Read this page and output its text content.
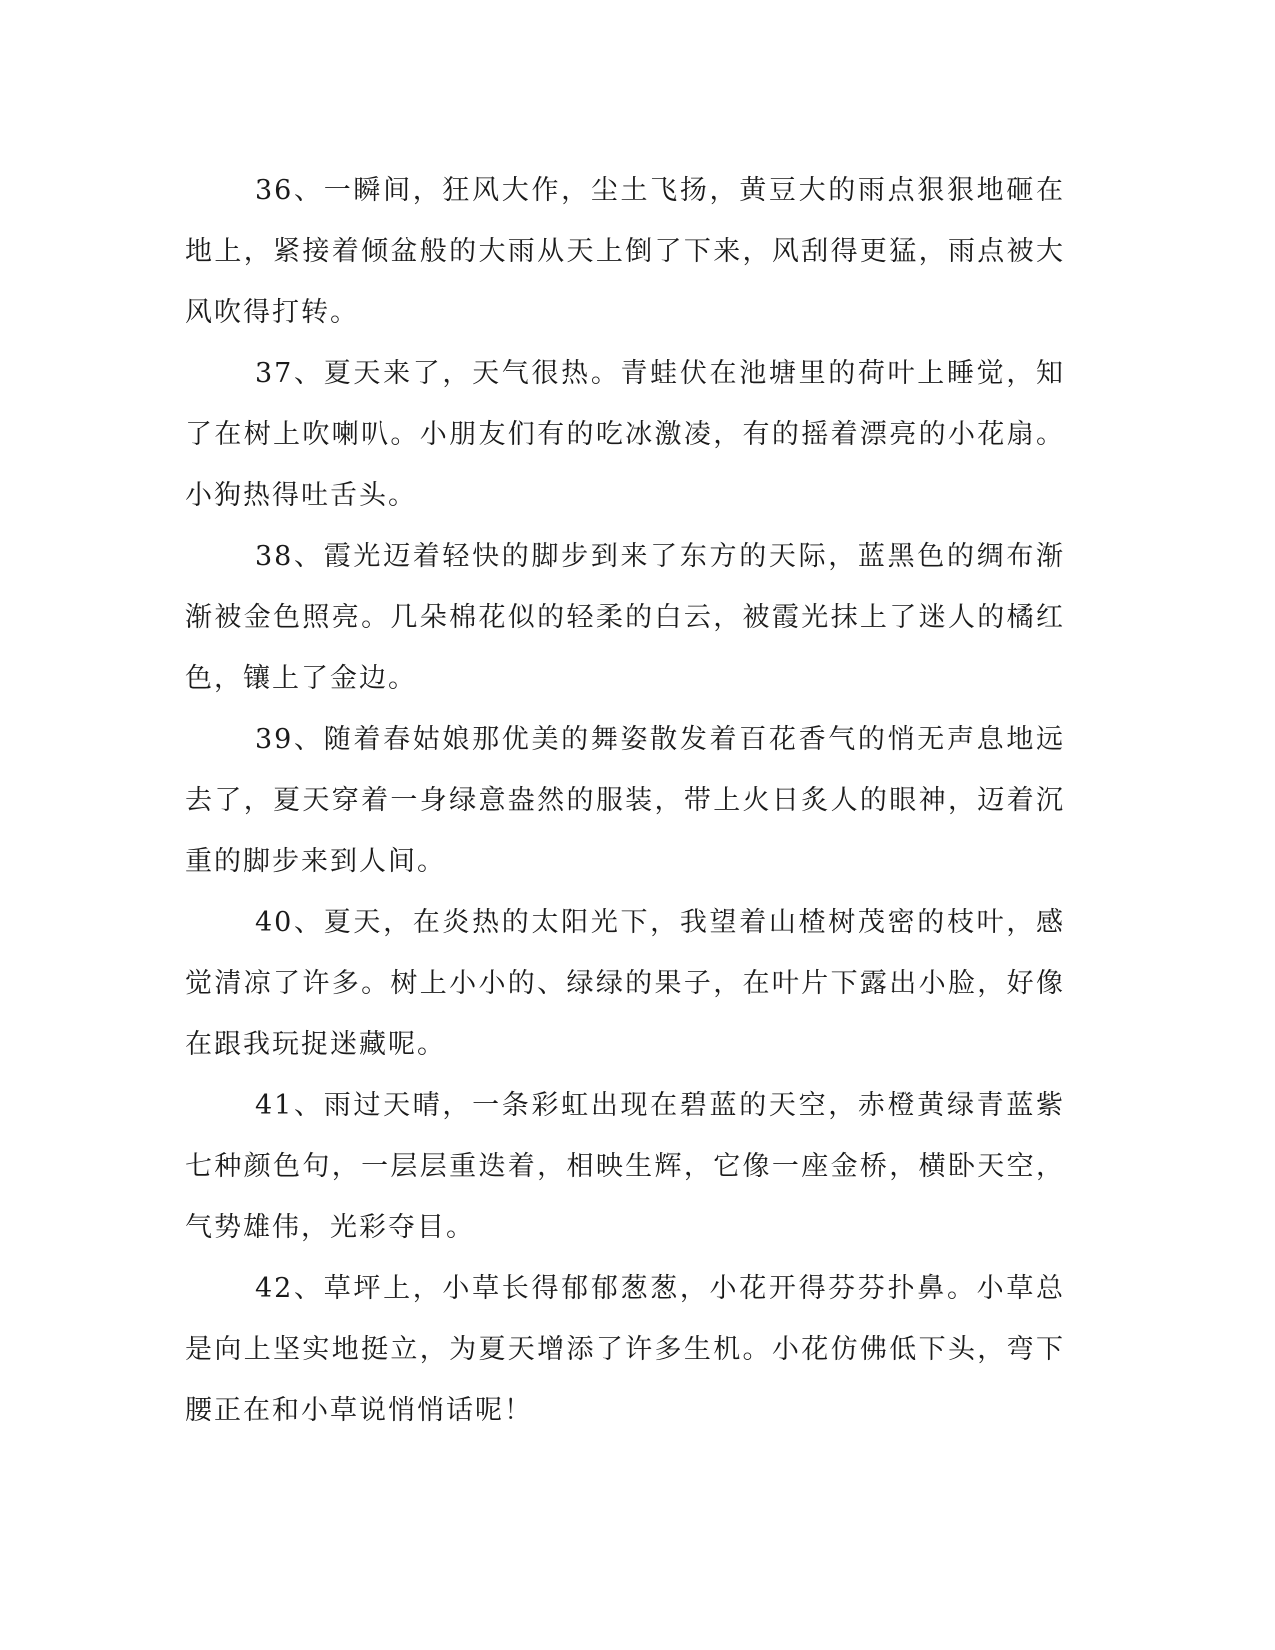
36、一瞬间，狂风大作，尘土飞扬，黄豆大的雨点狠狠地砸在地上，紧接着倾盆般的大雨从天上倒了下来，风刮得更猛，雨点被大风吹得打转。

37、夏天来了，天气很热。青蛙伏在池塘里的荷叶上睡觉，知了在树上吹喇叭。小朋友们有的吃冰激凌，有的摇着漂亮的小花扇。小狗热得吐舌头。

38、霞光迈着轻快的脚步到来了东方的天际，蓝黑色的绸布渐渐被金色照亮。几朵棉花似的轻柔的白云，被霞光抹上了迷人的橘红色，镶上了金边。

39、随着春姑娘那优美的舞姿散发着百花香气的悄无声息地远去了，夏天穿着一身绿意盎然的服装，带上火日炙人的眼神，迈着沉重的脚步来到人间。

40、夏天，在炎热的太阳光下，我望着山楂树茂密的枝叶，感觉清凉了许多。树上小小的、绿绿的果子，在叶片下露出小脸，好像在跟我玩捉迷藏呢。

41、雨过天晴，一条彩虹出现在碧蓝的天空，赤橙黄绿青蓝紫七种颜色句，一层层重迭着，相映生辉，它像一座金桥，横卧天空，气势雄伟，光彩夺目。

42、草坪上，小草长得郁郁葱葱，小花开得芬芬扑鼻。小草总是向上坚实地挺立，为夏天增添了许多生机。小花仿佛低下头，弯下腰正在和小草说悄悄话呢！
